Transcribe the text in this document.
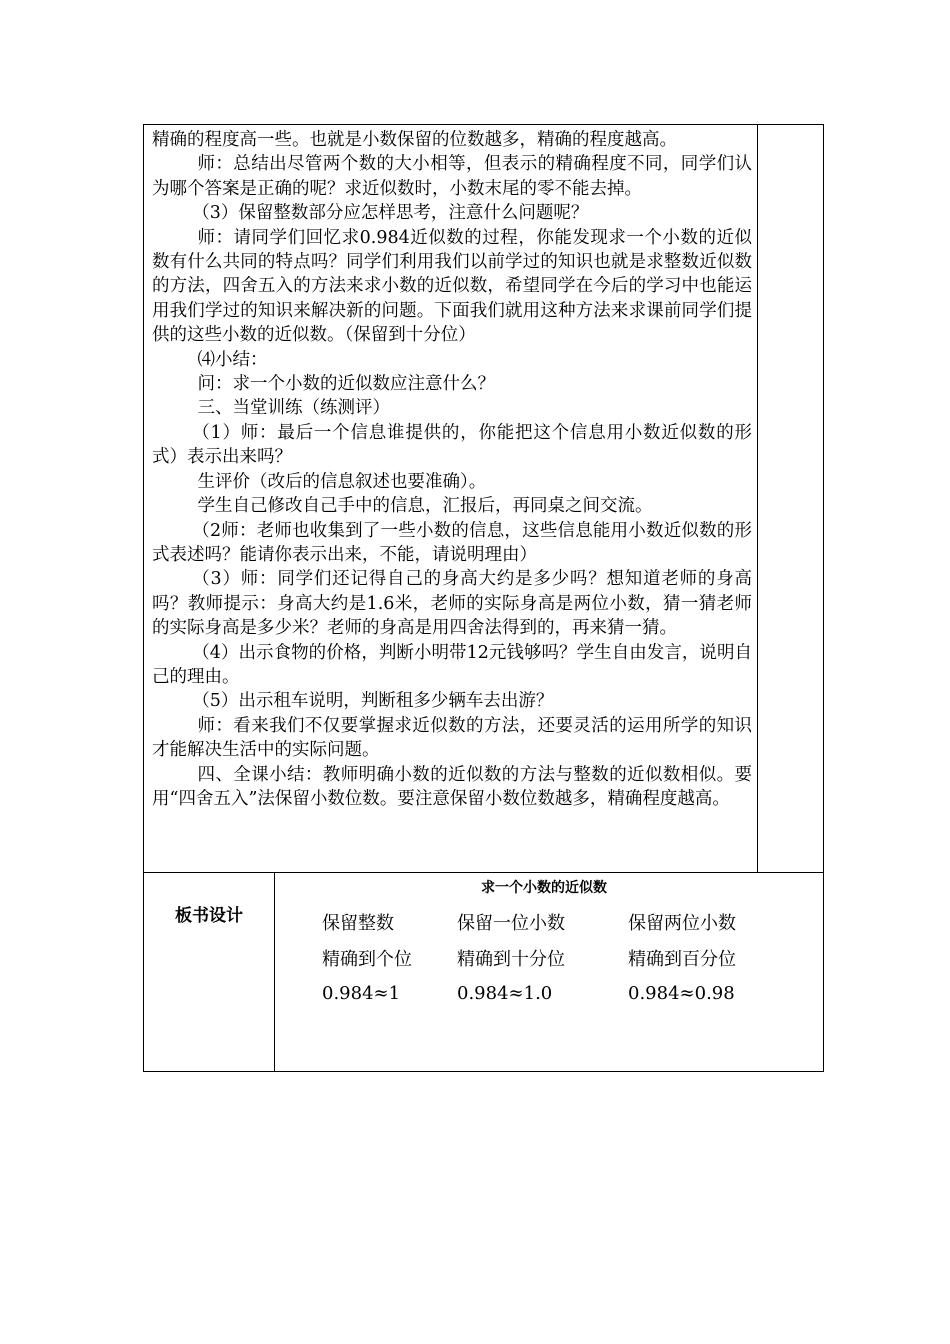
精确的程度高一些。也就是小数保留的位数越多，精确的程度越高。

师：总结出尽管两个数的大小相等，但表示的精确程度不同，同学们认为哪个答案是正确的呢？求近似数时，小数末尾的零不能去掉。

（3）保留整数部分应怎样思考，注意什么问题呢？

师：请同学们回忆求0.984近似数的过程，你能发现求一个小数的近似数有什么共同的特点吗？同学们利用我们以前学过的知识也就是求整数近似数的方法，四舍五入的方法来求小数的近似数，希望同学在今后的学习中也能运用我们学过的知识来解决新的问题。下面我们就用这种方法来求课前同学们提供的这些小数的近似数。（保留到十分位）

⑷小结：

问：求一个小数的近似数应注意什么？

三、当堂训练（练测评）

（1）师：最后一个信息谁提供的，你能把这个信息用小数近似数的形式）表示出来吗？

生评价（改后的信息叙述也要准确）。

学生自己修改自己手中的信息，汇报后，再同桌之间交流。

（2师：老师也收集到了一些小数的信息，这些信息能用小数近似数的形式表述吗？能请你表示出来，不能，请说明理由）

（3）师：同学们还记得自己的身高大约是多少吗？想知道老师的身高吗？教师提示：身高大约是1.6米，老师的实际身高是两位小数，猜一猜老师的实际身高是多少米？老师的身高是用四舍法得到的，再来猜一猜。

（4）出示食物的价格，判断小明带12元钱够吗？学生自由发言，说明自己的理由。

（5）出示租车说明，判断租多少辆车去出游？

师：看来我们不仅要掌握求近似数的方法，还要灵活的运用所学的知识才能解决生活中的实际问题。

四、全课小结：教师明确小数的近似数的方法与整数的近似数相似。要用“四舍五入”法保留小数位数。要注意保留小数位数越多，精确程度越高。

板书设计
求一个小数的近似数
保留整数	保留一位小数	保留两位小数
精确到个位	精确到十分位	精确到百分位
0.984≈1	0.984≈1.0	0.984≈0.98
